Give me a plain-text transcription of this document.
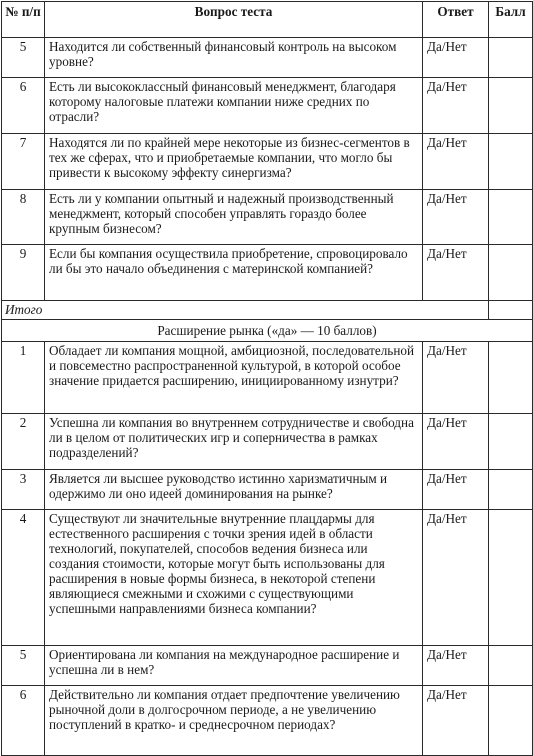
№ п/п	Вопрос теста	Ответ	Балл
5	Находится ли собственный финансовый контроль на высоком уровне?	Да/Нет	
6	Есть ли высококлассный финансовый менеджмент, благодаря которому налоговые платежи компании ниже средних по отрасли?	Да/Нет	
7	Находятся ли по крайней мере некоторые из бизнес-сегментов в тех же сферах, что и приобретаемые компании, что могло бы привести к высокому эффекту синергизма?	Да/Нет	
8	Есть ли у компании опытный и надежный производственный менеджмент, который способен управлять гораздо более крупным бизнесом?	Да/Нет	
9	Если бы компания осуществила приобретение, спровоцировало ли бы это начало объединения с материнской компанией?	Да/Нет	
Итого			
Расширение рынка («да» — 10 баллов)			
1	Обладает ли компания мощной, амбициозной, последовательной и повсеместно распространенной культурой, в которой особое значение придается расширению, инициированному изнутри?	Да/Нет	
2	Успешна ли компания во внутреннем сотрудничестве и свободна ли в целом от политических игр и соперничества в рамках подразделений?	Да/Нет	
3	Является ли высшее руководство истинно харизматичным и одержимо ли оно идеей доминирования на рынке?	Да/Нет	
4	Существуют ли значительные внутренние плацдармы для естественного расширения с точки зрения идей в области технологий, покупателей, способов ведения бизнеса или создания стоимости, которые могут быть использованы для расширения в новые формы бизнеса, в некоторой степени являющиеся смежными и схожими с существующими успешными направлениями бизнеса компании?	Да/Нет	
5	Ориентирована ли компания на международное расширение и успешна ли в нем?	Да/Нет	
6	Действительно ли компания отдает предпочтение увеличению рыночной доли в долгосрочном периоде, а не увеличению поступлений в кратко- и среднесрочном периодах?	Да/Нет	
